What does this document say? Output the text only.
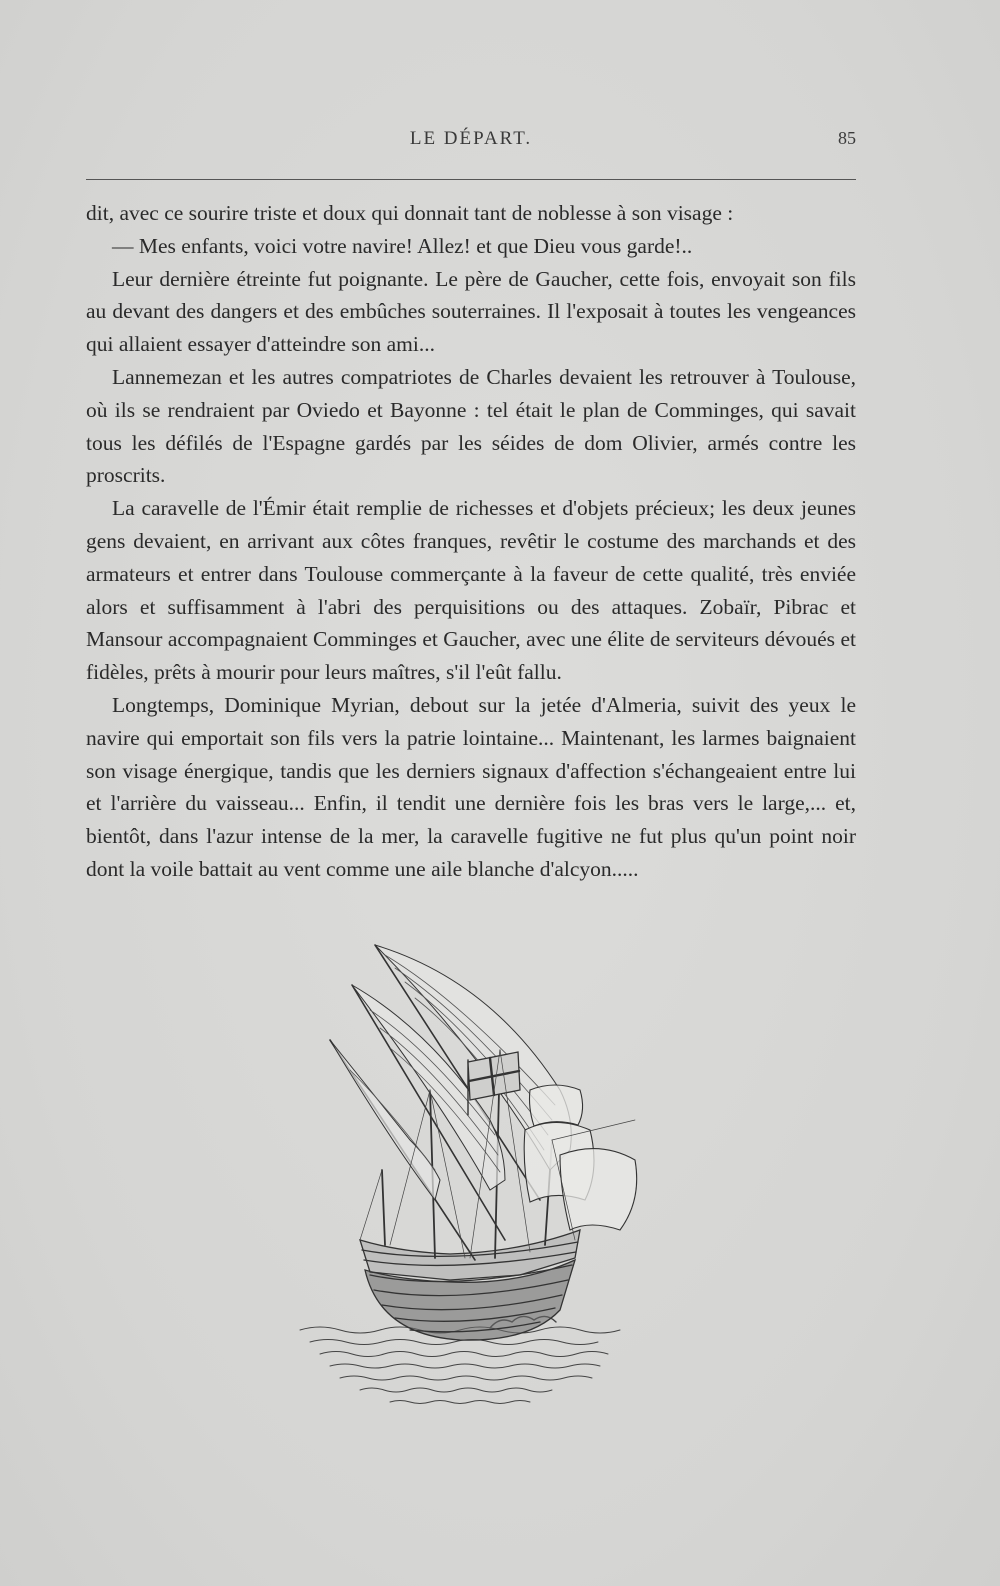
LE DÉPART.	85

dit, avec ce sourire triste et doux qui donnait tant de noblesse à son visage :

— Mes enfants, voici votre navire! Allez! et que Dieu vous garde!..

Leur dernière étreinte fut poignante. Le père de Gaucher, cette fois, envoyait son fils au devant des dangers et des embûches souterraines. Il l'exposait à toutes les vengeances qui allaient essayer d'atteindre son ami...

Lannemezan et les autres compatriotes de Charles devaient les retrouver à Toulouse, où ils se rendraient par Oviedo et Bayonne : tel était le plan de Comminges, qui savait tous les défilés de l'Espagne gardés par les séides de dom Olivier, armés contre les proscrits.

La caravelle de l'Émir était remplie de richesses et d'objets précieux; les deux jeunes gens devaient, en arrivant aux côtes franques, revêtir le costume des marchands et des armateurs et entrer dans Toulouse commerçante à la faveur de cette qualité, très enviée alors et suffisamment à l'abri des perquisitions ou des attaques. Zobaïr, Pibrac et Mansour accompagnaient Comminges et Gaucher, avec une élite de serviteurs dévoués et fidèles, prêts à mourir pour leurs maîtres, s'il l'eût fallu.

Longtemps, Dominique Myrian, debout sur la jetée d'Almeria, suivit des yeux le navire qui emportait son fils vers la patrie lointaine... Maintenant, les larmes baignaient son visage énergique, tandis que les derniers signaux d'affection s'échangeaient entre lui et l'arrière du vaisseau... Enfin, il tendit une dernière fois les bras vers le large,... et, bientôt, dans l'azur intense de la mer, la caravelle fugitive ne fut plus qu'un point noir dont la voile battait au vent comme une aile blanche d'alcyon.....
